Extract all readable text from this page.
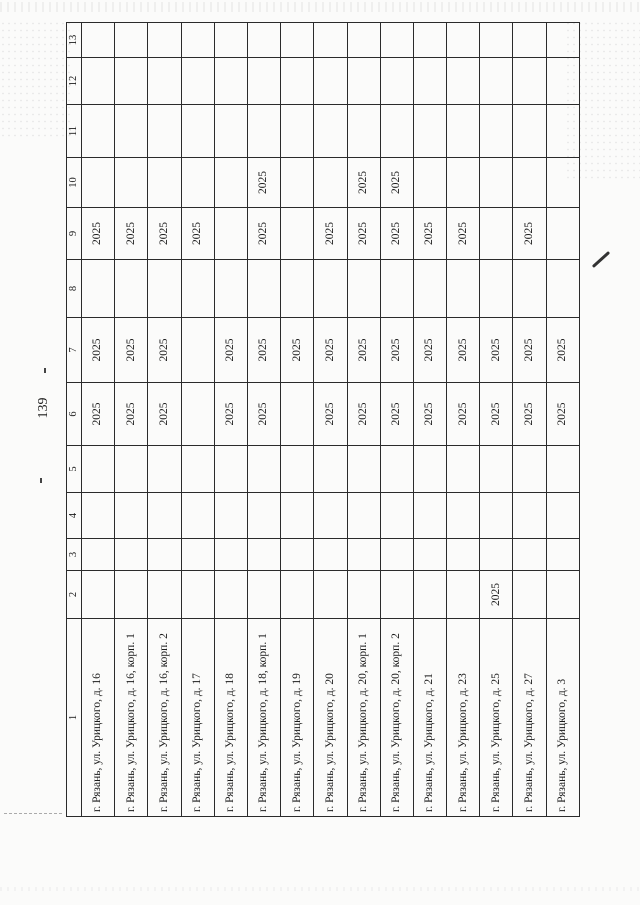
139
1	2	3	4	5	6	7	8	9	10	11	12	13
г. Рязань, ул. Урицкого, д. 16					2025	2025		2025				
г. Рязань, ул. Урицкого, д. 16, корп. 1					2025	2025		2025				
г. Рязань, ул. Урицкого, д. 16, корп. 2					2025	2025		2025				
г. Рязань, ул. Урицкого, д. 17								2025				
г. Рязань, ул. Урицкого, д. 18					2025	2025						
г. Рязань, ул. Урицкого, д. 18, корп. 1					2025	2025		2025	2025			
г. Рязань, ул. Урицкого, д. 19						2025						
г. Рязань, ул. Урицкого, д. 20					2025	2025		2025				
г. Рязань, ул. Урицкого, д. 20, корп. 1					2025	2025		2025	2025			
г. Рязань, ул. Урицкого, д. 20, корп. 2					2025	2025		2025	2025			
г. Рязань, ул. Урицкого, д. 21					2025	2025		2025				
г. Рязань, ул. Урицкого, д. 23					2025	2025		2025				
г. Рязань, ул. Урицкого, д. 25	2025				2025	2025						
г. Рязань, ул. Урицкого, д. 27					2025	2025		2025				
г. Рязань, ул. Урицкого, д. 3					2025	2025						
